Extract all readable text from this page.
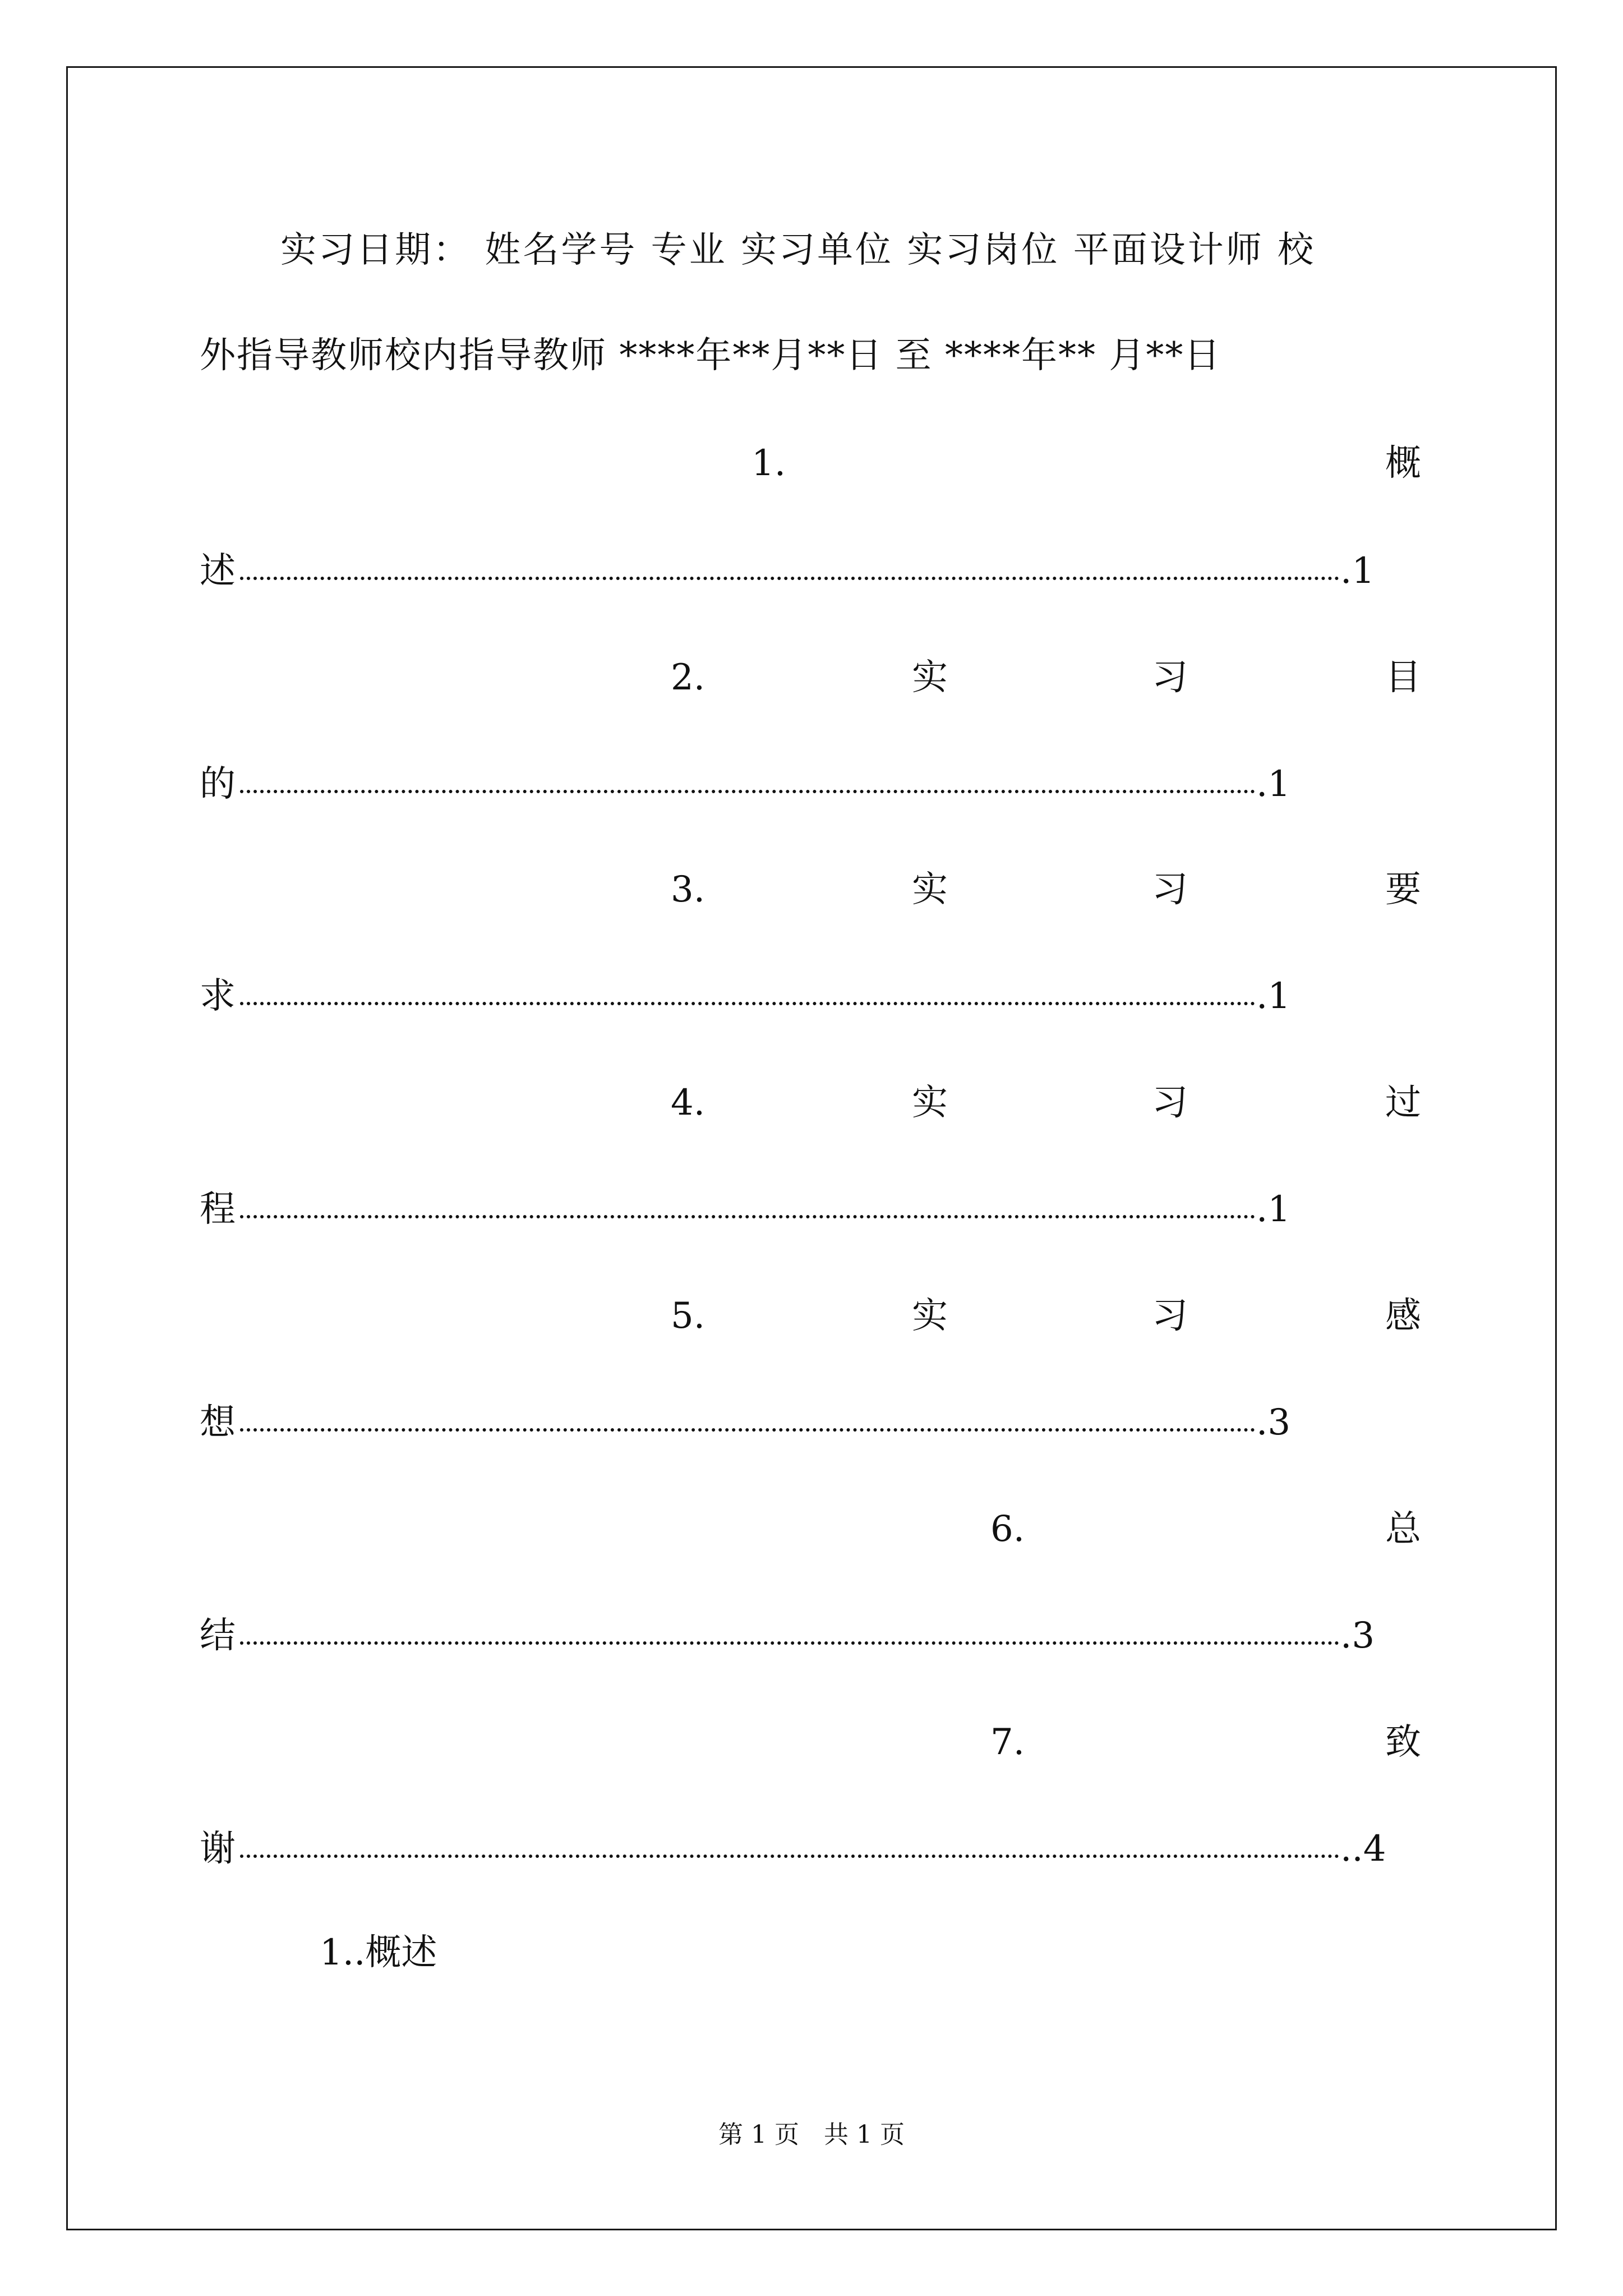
实习日期： 姓名学号 专业 实习单位 实习岗位 平面设计师 校
外指导教师校内指导教师 ****年**月**日 至 ****年** 月**日
1.	概
述	.1
2.	实	习	目
的	.1
3.	实	习	要
求	.1
4.	实	习	过
程	.1
5.	实	习	感
想	.3
6.	总
结	.3
7.	致
谢	..4
1..概述
第 1 页　共 1 页
